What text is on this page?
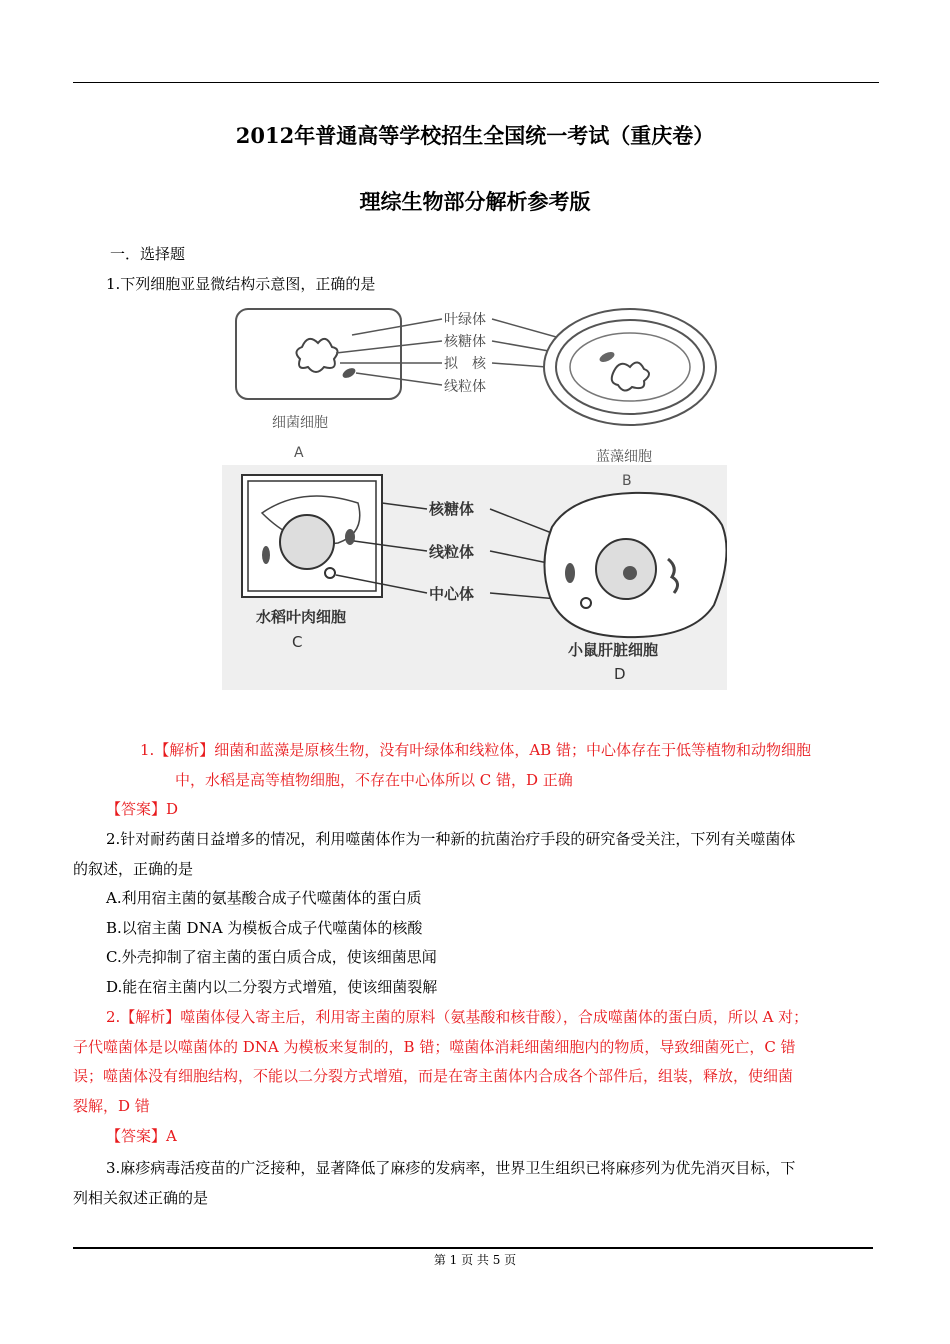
2012年普通高等学校招生全国统一考试（重庆卷）
理综生物部分解析参考版
一．选择题
1.下列细胞亚显微结构示意图，正确的是
叶绿体
核糖体
拟　核
线粒体
细菌细胞
A	蓝藻细胞
B
核糖体
线粒体
中心体
水稻叶肉细胞
C	小鼠肝脏细胞
D
1.【解析】细菌和蓝藻是原核生物，没有叶绿体和线粒体，AB 错；中心体存在于低等植物和动物细胞
中，水稻是高等植物细胞，不存在中心体所以 C 错，D 正确
【答案】D
2.针对耐药菌日益增多的情况，利用噬菌体作为一种新的抗菌治疗手段的研究备受关注，下列有关噬菌体
的叙述，正确的是
A.利用宿主菌的氨基酸合成子代噬菌体的蛋白质
B.以宿主菌 DNA 为模板合成子代噬菌体的核酸
C.外壳抑制了宿主菌的蛋白质合成，使该细菌思闻
D.能在宿主菌内以二分裂方式增殖，使该细菌裂解
2.【解析】噬菌体侵入寄主后，利用寄主菌的原料（氨基酸和核苷酸），合成噬菌体的蛋白质，所以 A 对；
子代噬菌体是以噬菌体的 DNA 为模板来复制的，B 错；噬菌体消耗细菌细胞内的物质，导致细菌死亡，C 错
误；噬菌体没有细胞结构，不能以二分裂方式增殖，而是在寄主菌体内合成各个部件后，组装，释放，使细菌
裂解，D 错
【答案】A
3.麻疹病毒活疫苗的广泛接种，显著降低了麻疹的发病率，世界卫生组织已将麻疹列为优先消灭目标，下
列相关叙述正确的是
第 1 页 共 5 页
